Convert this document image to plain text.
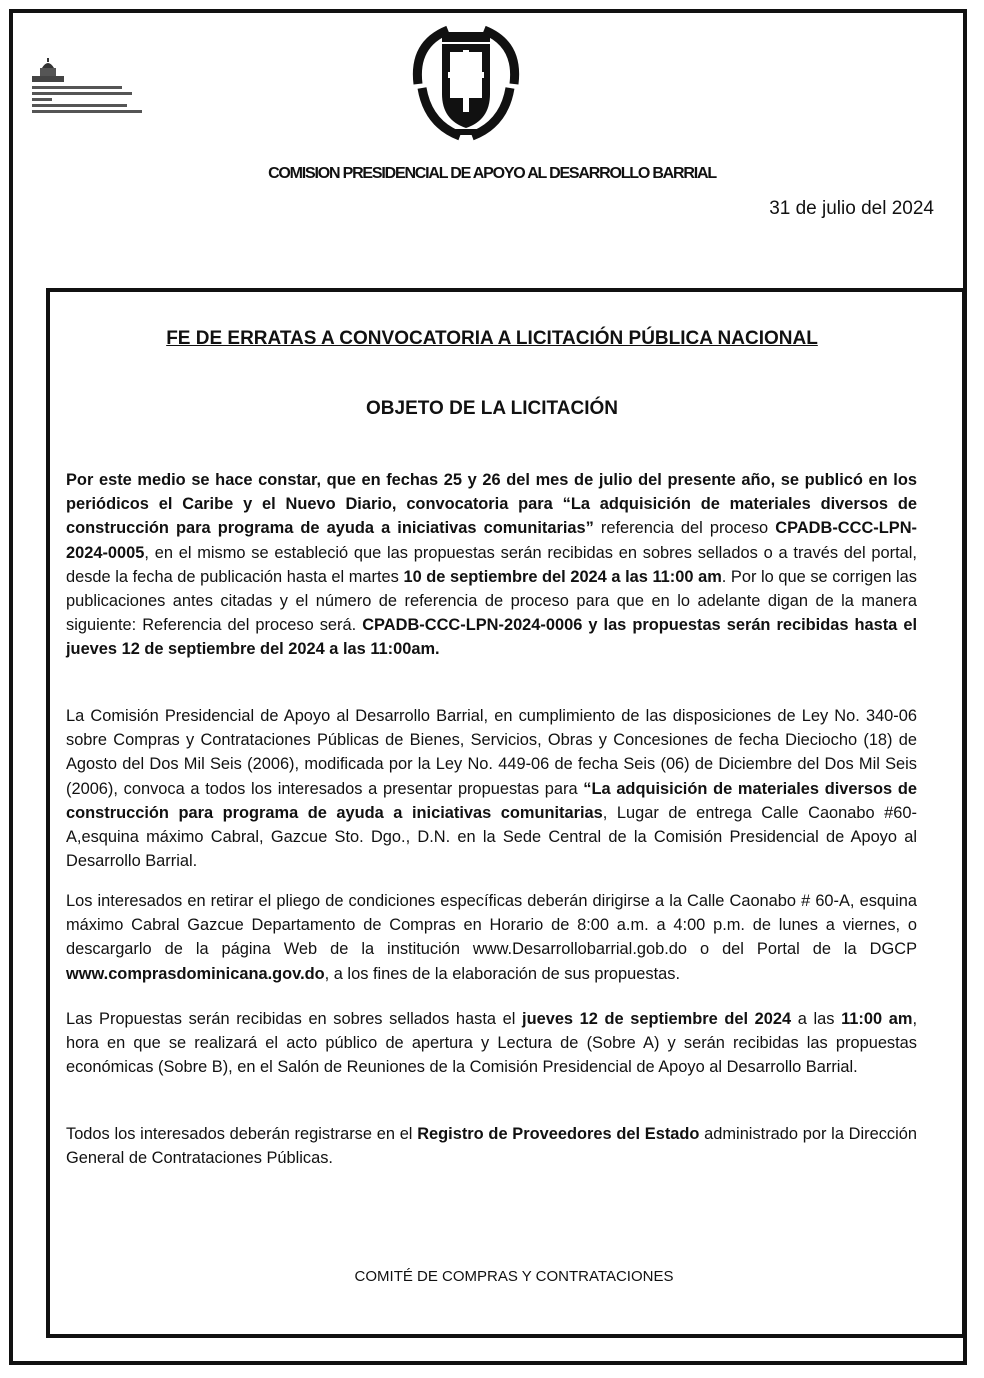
COMISION PRESIDENCIAL DE APOYO AL DESARROLLO BARRIAL
31 de julio del 2024
FE DE ERRATAS A CONVOCATORIA A LICITACIÓN PÚBLICA NACIONAL
OBJETO DE LA LICITACIÓN
Por este medio se hace constar, que en fechas 25 y 26 del mes de julio del presente año, se publicó en los periódicos el Caribe y el Nuevo Diario, convocatoria para “La adquisición de materiales diversos de construcción para programa de ayuda a iniciativas comunitarias” referencia del proceso CPADB-CCC-LPN-2024-0005, en el mismo se estableció que las propuestas serán recibidas en sobres sellados o a través del portal, desde la fecha de publicación hasta el martes 10 de septiembre del 2024 a las 11:00 am. Por lo que se corrigen las publicaciones antes citadas y el número de referencia de proceso para que en lo adelante digan de la manera siguiente: Referencia del proceso será. CPADB-CCC-LPN-2024-0006 y las propuestas serán recibidas hasta el jueves 12 de septiembre del 2024 a las 11:00am.
La Comisión Presidencial de Apoyo al Desarrollo Barrial, en cumplimiento de las disposiciones de Ley No. 340-06 sobre Compras y Contrataciones Públicas de Bienes, Servicios, Obras y Concesiones de fecha Dieciocho (18) de Agosto del Dos Mil Seis (2006), modificada por la Ley No. 449-06 de fecha Seis (06) de Diciembre del Dos Mil Seis (2006), convoca a todos los interesados a presentar propuestas para “La adquisición de materiales diversos de construcción para programa de ayuda a iniciativas comunitarias, Lugar de entrega Calle Caonabo #60-A,esquina máximo Cabral, Gazcue Sto. Dgo., D.N. en la Sede Central de la Comisión Presidencial de Apoyo al Desarrollo Barrial.
Los interesados en retirar el pliego de condiciones específicas deberán dirigirse a la Calle Caonabo # 60-A, esquina máximo Cabral Gazcue Departamento de Compras en Horario de 8:00 a.m. a 4:00 p.m. de lunes a viernes, o descargarlo de la página Web de la institución www.Desarrollobarrial.gob.do o del Portal de la DGCP www.comprasdominicana.gov.do, a los fines de la elaboración de sus propuestas.
Las Propuestas serán recibidas en sobres sellados hasta el jueves 12 de septiembre del 2024 a las 11:00 am, hora en que se realizará el acto público de apertura y Lectura de (Sobre A) y serán recibidas las propuestas económicas (Sobre B), en el Salón de Reuniones de la Comisión Presidencial de Apoyo al Desarrollo Barrial.
Todos los interesados deberán registrarse en el Registro de Proveedores del Estado administrado por la Dirección General de Contrataciones Públicas.
COMITÉ DE COMPRAS Y CONTRATACIONES
